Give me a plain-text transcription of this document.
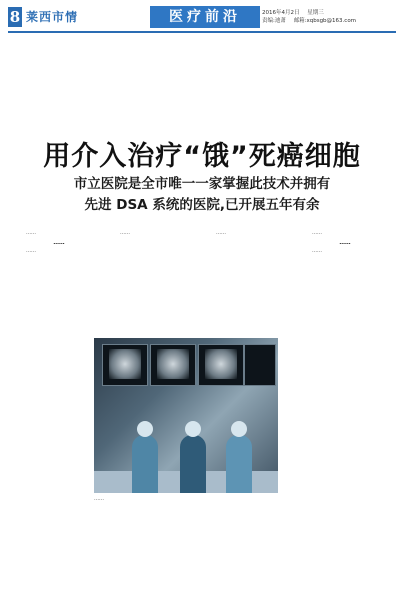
8 莱西市情	医疗前沿	2016年4月2日 星期三
责编:迪萧 邮箱:xqbsgb@163.com
用介入治疗“饿”死癌细胞
市立医院是全市唯一一家掌握此技术并拥有
先进 DSA 系统的医院,已开展五年有余

……

……

……

……	……	……

……

……

……
